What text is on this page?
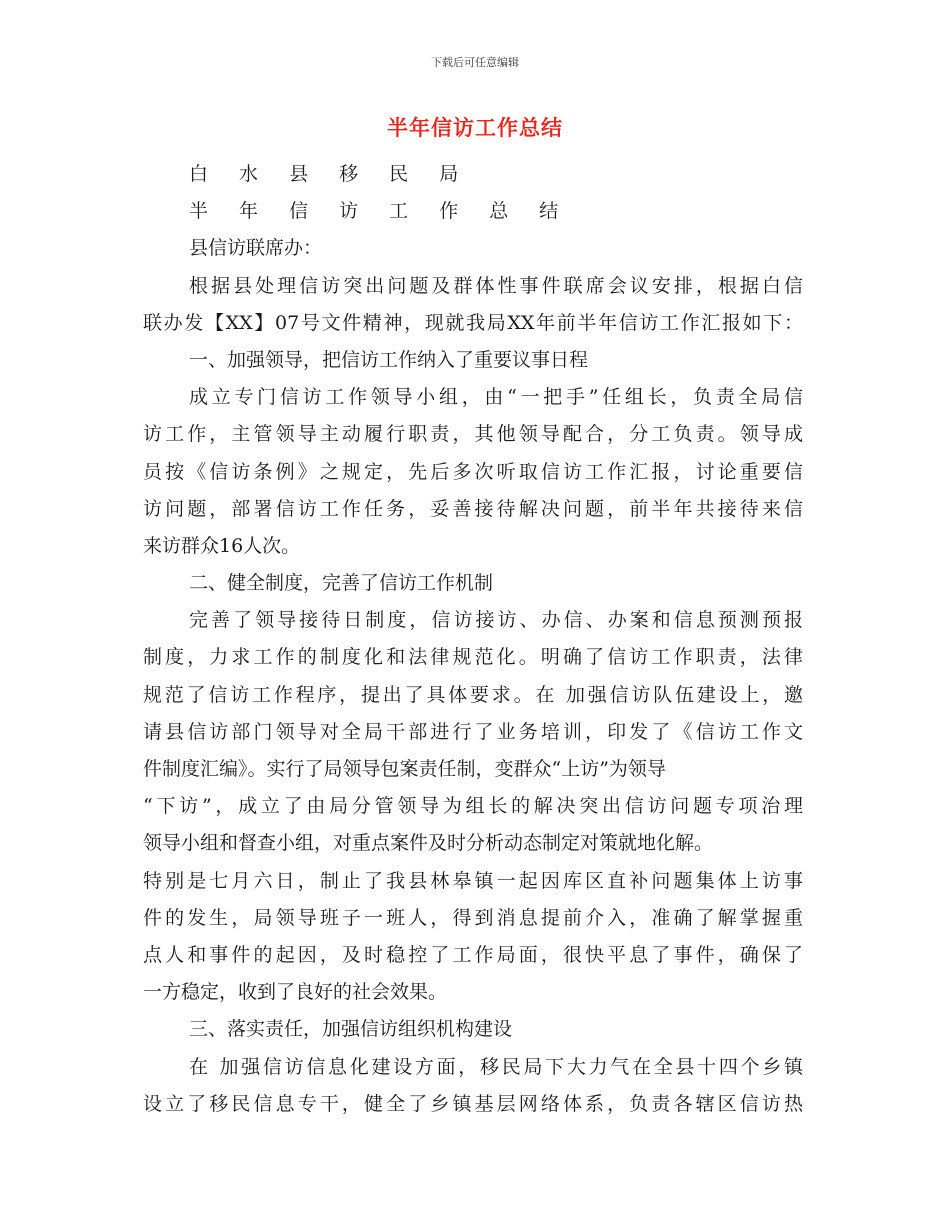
下载后可任意编辑
半年信访工作总结
白 水 县 移 民 局
半 年 信 访 工 作 总 结
县信访联席办：
根据县处理信访突出问题及群体性事件联席会议安排，根据白信
联办发【XX】07号文件精神，现就我局XX年前半年信访工作汇报如下：
一、加强领导，把信访工作纳入了重要议事日程
成立专门信访工作领导小组，由“一把手”任组长，负责全局信
访工作，主管领导主动履行职责，其他领导配合，分工负责。领导成
员按《信访条例》之规定，先后多次听取信访工作汇报，讨论重要信
访问题，部署信访工作任务，妥善接待解决问题，前半年共接待来信
来访群众16人次。
二、健全制度，完善了信访工作机制
完善了领导接待日制度，信访接访、办信、办案和信息预测预报
制度，力求工作的制度化和法律规范化。明确了信访工作职责，法律
规范了信访工作程序，提出了具体要求。在 加强信访队伍建设上，邀
请县信访部门领导对全局干部进行了业务培训，印发了《信访工作文
件制度汇编》。实行了局领导包案责任制，变群众“上访”为领导
“下访”，成立了由局分管领导为组长的解决突出信访问题专项治理
领导小组和督查小组，对重点案件及时分析动态制定对策就地化解。
特别是七月六日，制止了我县林皋镇一起因库区直补问题集体上访事
件的发生，局领导班子一班人，得到消息提前介入，准确了解掌握重
点人和事件的起因，及时稳控了工作局面，很快平息了事件，确保了
一方稳定，收到了良好的社会效果。
三、落实责任，加强信访组织机构建设
在 加强信访信息化建设方面，移民局下大力气在全县十四个乡镇
设立了移民信息专干，健全了乡镇基层网络体系，负责各辖区信访热
